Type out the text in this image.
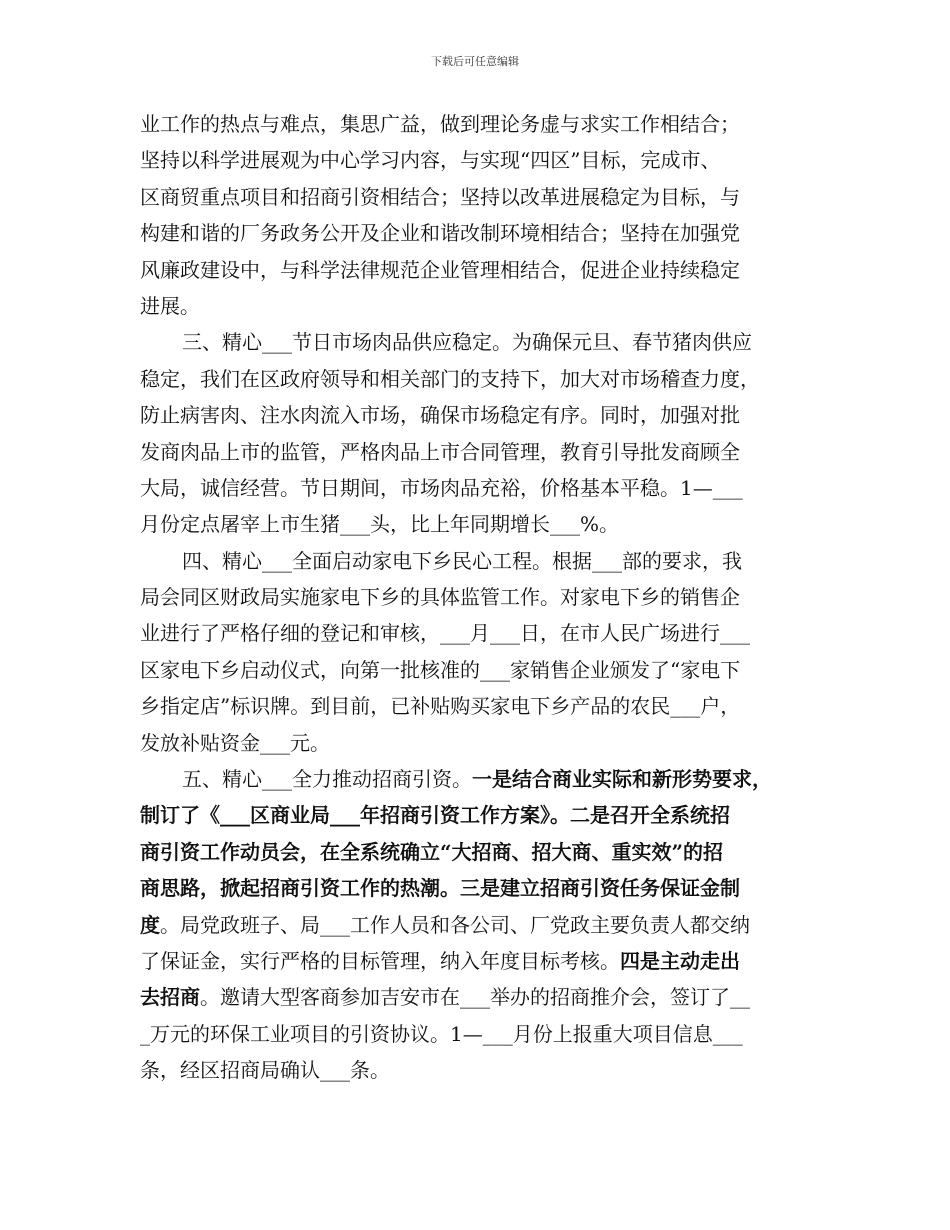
下载后可任意编辑
业工作的热点与难点，集思广益，做到理论务虚与求实工作相结合；
坚持以科学进展观为中心学习内容，与实现“四区”目标，完成市、
区商贸重点项目和招商引资相结合；坚持以改革进展稳定为目标，与
构建和谐的厂务政务公开及企业和谐改制环境相结合；坚持在加强党
风廉政建设中，与科学法律规范企业管理相结合，促进企业持续稳定
进展。
三、精心___节日市场肉品供应稳定。为确保元旦、春节猪肉供应
稳定，我们在区政府领导和相关部门的支持下，加大对市场稽查力度，
防止病害肉、注水肉流入市场，确保市场稳定有序。同时，加强对批
发商肉品上市的监管，严格肉品上市合同管理，教育引导批发商顾全
大局，诚信经营。节日期间，市场肉品充裕，价格基本平稳。1—___
月份定点屠宰上市生猪___头，比上年同期增长___%。
四、精心___全面启动家电下乡民心工程。根据___部的要求，我
局会同区财政局实施家电下乡的具体监管工作。对家电下乡的销售企
业进行了严格仔细的登记和审核，___月___日，在市人民广场进行___
区家电下乡启动仪式，向第一批核准的___家销售企业颁发了“家电下
乡指定店”标识牌。到目前，已补贴购买家电下乡产品的农民___户，
发放补贴资金___元。
五、精心___全力推动招商引资。一是结合商业实际和新形势要求，
制订了《___区商业局___年招商引资工作方案》。二是召开全系统招
商引资工作动员会，在全系统确立“大招商、招大商、重实效”的招
商思路，掀起招商引资工作的热潮。三是建立招商引资任务保证金制
度。局党政班子、局___工作人员和各公司、厂党政主要负责人都交纳
了保证金，实行严格的目标管理，纳入年度目标考核。四是主动走出
去招商。邀请大型客商参加吉安市在___举办的招商推介会，签订了__
_万元的环保工业项目的引资协议。1—___月份上报重大项目信息___
条，经区招商局确认___条。
